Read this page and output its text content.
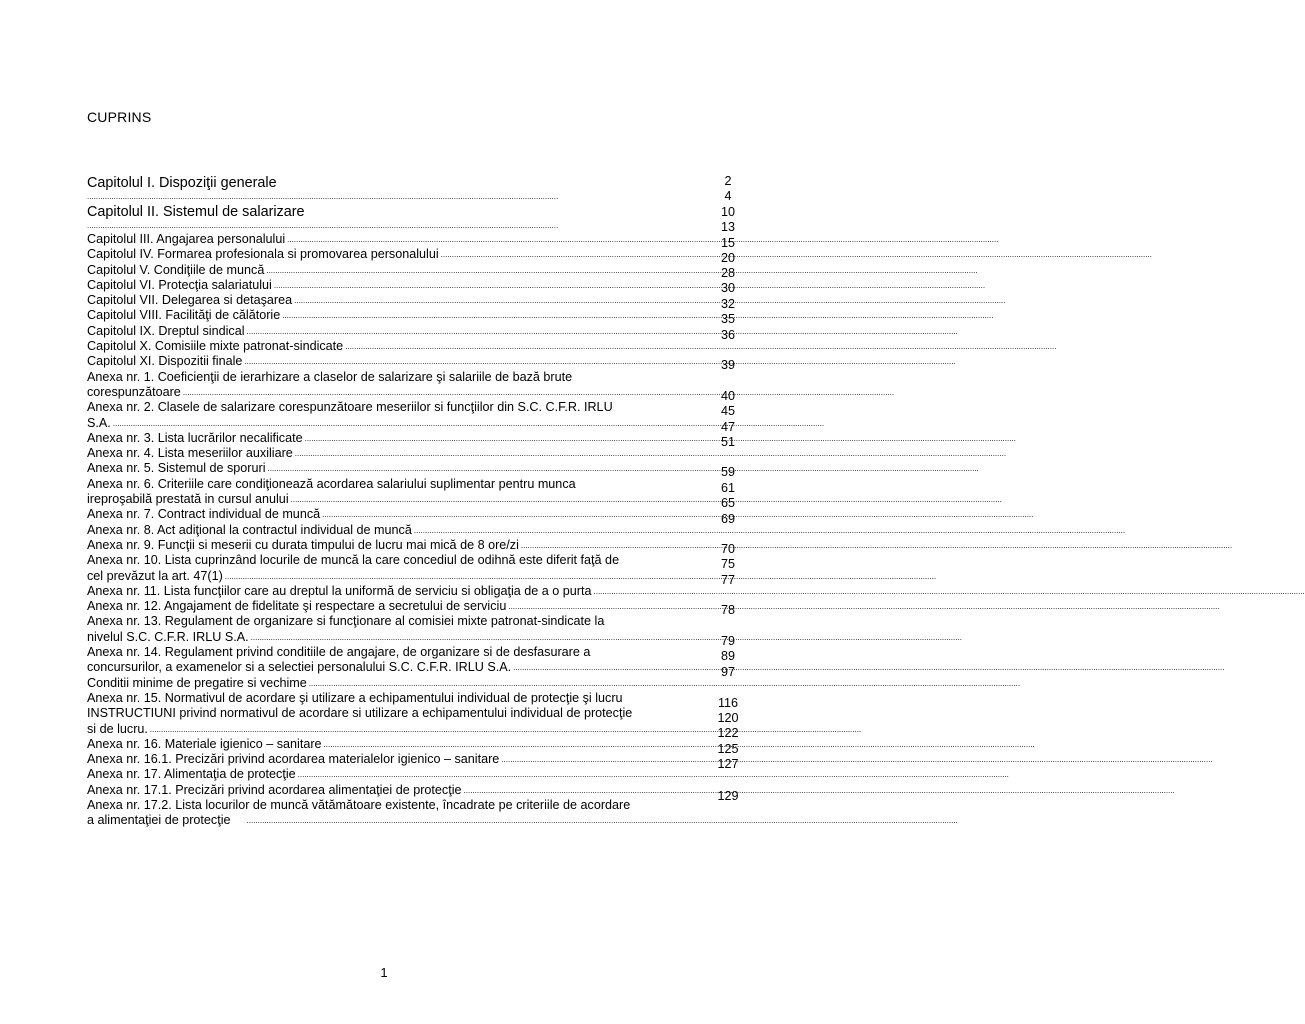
CUPRINS
Capitolul I. Dispoziţii generale
....................................................................................................................................................................................................................
Capitolul II. Sistemul de salarizare
....................................................................................................................................................................................................................
Capitolul III. Angajarea personalului
.....
Capitolul IV. Formarea profesionala si promovarea personalului
.....
Capitolul V. Condiţiile de muncă
.....
Capitolul VI. Protecţia salariatului
.....
Capitolul VII. Delegarea si detaşarea
.....
Capitolul VIII. Facilităţi de călătorie
.....
Capitolul IX. Dreptul sindical
.....
Capitolul X. Comisiile mixte patronat-sindicate
.....
Capitolul XI. Dispozitii finale
.....
Anexa nr. 1. Coeficienţii de ierarhizare a claselor de salarizare şi salariile de bază brute
corespunzătoare
.....
Anexa nr. 2. Clasele de salarizare corespunzătoare meseriilor si funcţiilor din S.C. C.F.R. IRLU
S.A.
.....
Anexa nr. 3. Lista lucrărilor necalificate
.....
Anexa nr. 4. Lista meseriilor auxiliare
.....
Anexa nr. 5. Sistemul de sporuri
.....
Anexa nr. 6. Criteriile care condiţionează acordarea salariului suplimentar pentru munca
ireproşabilă prestată in cursul anului
.....
Anexa nr. 7. Contract individual de muncă
.....
Anexa nr. 8. Act adiţional la contractul individual de muncă
.....
Anexa nr. 9. Funcţii si meserii cu durata timpului de lucru mai mică de 8 ore/zi
.....
Anexa nr. 10. Lista cuprinzând locurile de muncă la care concediul de odihnă este diferit faţă de
cel prevăzut la art. 47(1)
.....
Anexa nr. 11. Lista funcţiilor care au dreptul la uniformă de serviciu si obligaţia de a o purta
.....
Anexa nr. 12. Angajament de fidelitate şi respectare a secretului de serviciu
.....
Anexa nr. 13. Regulament de organizare si funcţionare al comisiei mixte patronat-sindicate la
nivelul S.C. C.F.R. IRLU S.A.
.....
Anexa nr. 14. Regulament privind conditiile de angajare, de organizare si de desfasurare a
concursurilor, a examenelor si a selectiei personalului S.C. C.F.R. IRLU S.A.
.....
Conditii minime de pregatire si vechime
.....
Anexa nr. 15. Normativul de acordare şi utilizare a echipamentului individual de protecţie şi lucru
INSTRUCTIUNI privind normativul de acordare si utilizare a echipamentului individual de protecţie
si de lucru.
.....
Anexa nr. 16. Materiale igienico – sanitare
.....
Anexa nr. 16.1. Precizări privind acordarea materialelor igienico – sanitare
.....
Anexa nr. 17. Alimentaţia de protecţie
.....
Anexa nr. 17.1. Precizări privind acordarea alimentaţiei de protecţie
.....
Anexa nr. 17.2. Lista locurilor de muncă vătămătoare existente, încadrate pe criteriile de acordare
a alimentaţiei de protecţie

.....
2
4
10
13
15
20
28
30
32
35
36
39
40
45
47
51
59
61
65
69
70
75
77
78
79
89
97
116
120
122
125
127
129
1
